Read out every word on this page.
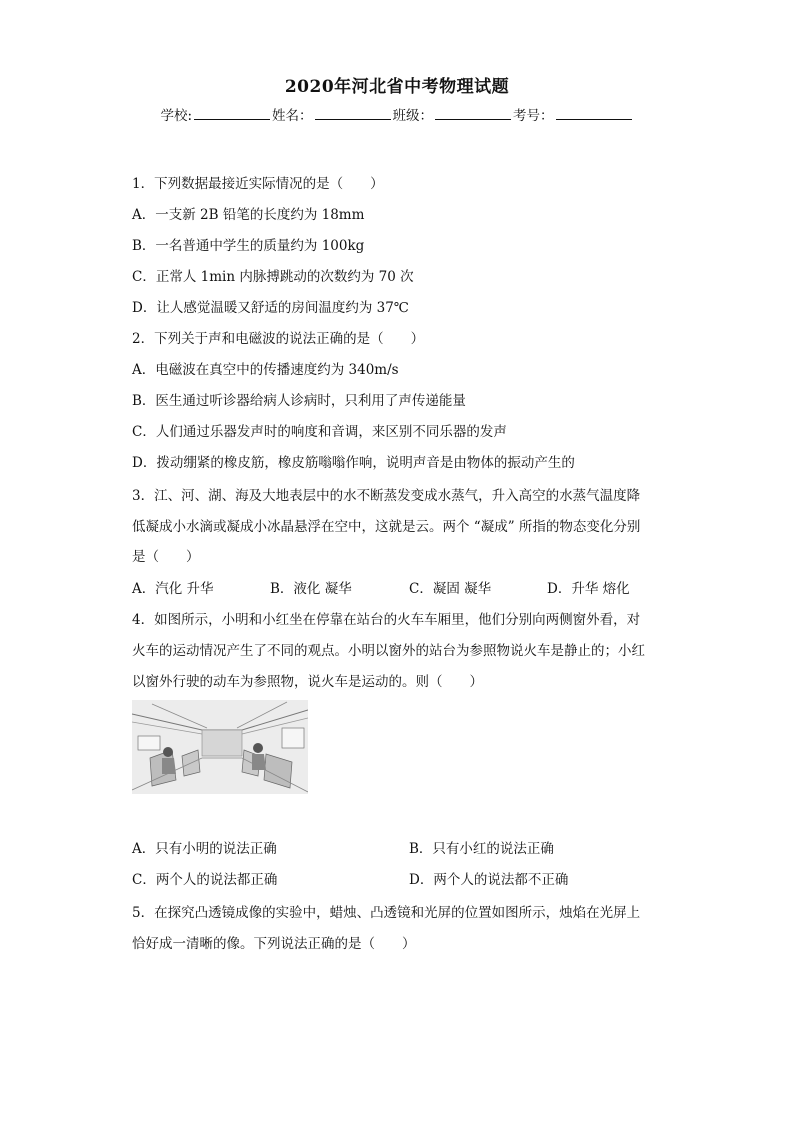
2020年河北省中考物理试题
学校:	姓名：	班级：	考号：
1．下列数据最接近实际情况的是（　　）
A．一支新 2B 铅笔的长度约为 18mm
B．一名普通中学生的质量约为 100kg
C．正常人 1min 内脉搏跳动的次数约为 70 次
D．让人感觉温暖又舒适的房间温度约为 37℃
2．下列关于声和电磁波的说法正确的是（　　）
A．电磁波在真空中的传播速度约为 340m/s
B．医生通过听诊器给病人诊病时，只利用了声传递能量
C．人们通过乐器发声时的响度和音调，来区别不同乐器的发声
D．拨动绷紧的橡皮筋，橡皮筋嗡嗡作响，说明声音是由物体的振动产生的
3．江、河、湖、海及大地表层中的水不断蒸发变成水蒸气，升入高空的水蒸气温度降
低凝成小水滴或凝成小冰晶悬浮在空中，这就是云。两个 “凝成” 所指的物态变化分别
是（　　）
A．汽化 升华	B．液化 凝华	C．凝固 凝华	D．升华 熔化
4．如图所示，小明和小红坐在停靠在站台的火车车厢里，他们分别向两侧窗外看，对
火车的运动情况产生了不同的观点。小明以窗外的站台为参照物说火车是静止的；小红
以窗外行驶的动车为参照物，说火车是运动的。则（　　）
A．只有小明的说法正确	B．只有小红的说法正确
C．两个人的说法都正确	D．两个人的说法都不正确
5．在探究凸透镜成像的实验中，蜡烛、凸透镜和光屏的位置如图所示，烛焰在光屏上
恰好成一清晰的像。下列说法正确的是（　　）
